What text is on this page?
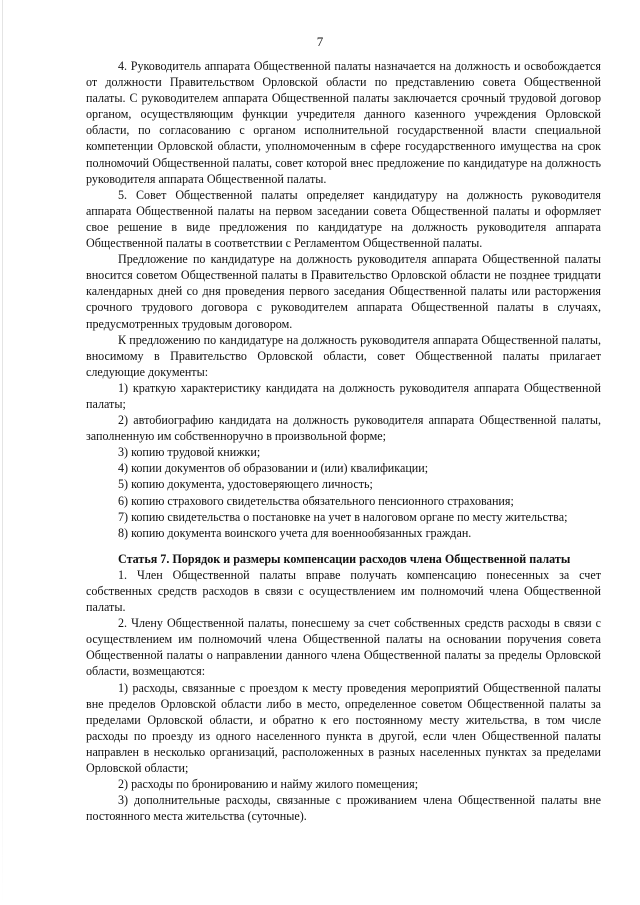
7

4. Руководитель аппарата Общественной палаты назначается на должность и освобождается от должности Правительством Орловской области по представлению совета Общественной палаты. С руководителем аппарата Общественной палаты заключается срочный трудовой договор органом, осуществляющим функции учредителя данного казенного учреждения Орловской области, по согласованию с органом исполнительной государственной власти специальной компетенции Орловской области, уполномоченным в сфере государственного имущества на срок полномочий Общественной палаты, совет которой внес предложение по кандидатуре на должность руководителя аппарата Общественной палаты.

5. Совет Общественной палаты определяет кандидатуру на должность руководителя аппарата Общественной палаты на первом заседании совета Общественной палаты и оформляет свое решение в виде предложения по кандидатуре на должность руководителя аппарата Общественной палаты в соответствии с Регламентом Общественной палаты.

Предложение по кандидатуре на должность руководителя аппарата Общественной палаты вносится советом Общественной палаты в Правительство Орловской области не позднее тридцати календарных дней со дня проведения первого заседания Общественной палаты или расторжения срочного трудового договора с руководителем аппарата Общественной палаты в случаях, предусмотренных трудовым договором.

К предложению по кандидатуре на должность руководителя аппарата Общественной палаты, вносимому в Правительство Орловской области, совет Общественной палаты прилагает следующие документы:

1) краткую характеристику кандидата на должность руководителя аппарата Общественной палаты;

2) автобиографию кандидата на должность руководителя аппарата Общественной палаты, заполненную им собственноручно в произвольной форме;

3) копию трудовой книжки;

4) копии документов об образовании и (или) квалификации;

5) копию документа, удостоверяющего личность;

6) копию страхового свидетельства обязательного пенсионного страхования;

7) копию свидетельства о постановке на учет в налоговом органе по месту жительства;

8) копию документа воинского учета для военнообязанных граждан.

Статья 7. Порядок и размеры компенсации расходов члена Общественной палаты

1. Член Общественной палаты вправе получать компенсацию понесенных за счет собственных средств расходов в связи с осуществлением им полномочий члена Общественной палаты.

2. Члену Общественной палаты, понесшему за счет собственных средств расходы в связи с осуществлением им полномочий члена Общественной палаты на основании поручения совета Общественной палаты о направлении данного члена Общественной палаты за пределы Орловской области, возмещаются:

1) расходы, связанные с проездом к месту проведения мероприятий Общественной палаты вне пределов Орловской области либо в место, определенное советом Общественной палаты за пределами Орловской области, и обратно к его постоянному месту жительства, в том числе расходы по проезду из одного населенного пункта в другой, если член Общественной палаты направлен в несколько организаций, расположенных в разных населенных пунктах за пределами Орловской области;

2) расходы по бронированию и найму жилого помещения;

3) дополнительные расходы, связанные с проживанием члена Общественной палаты вне постоянного места жительства (суточные).
